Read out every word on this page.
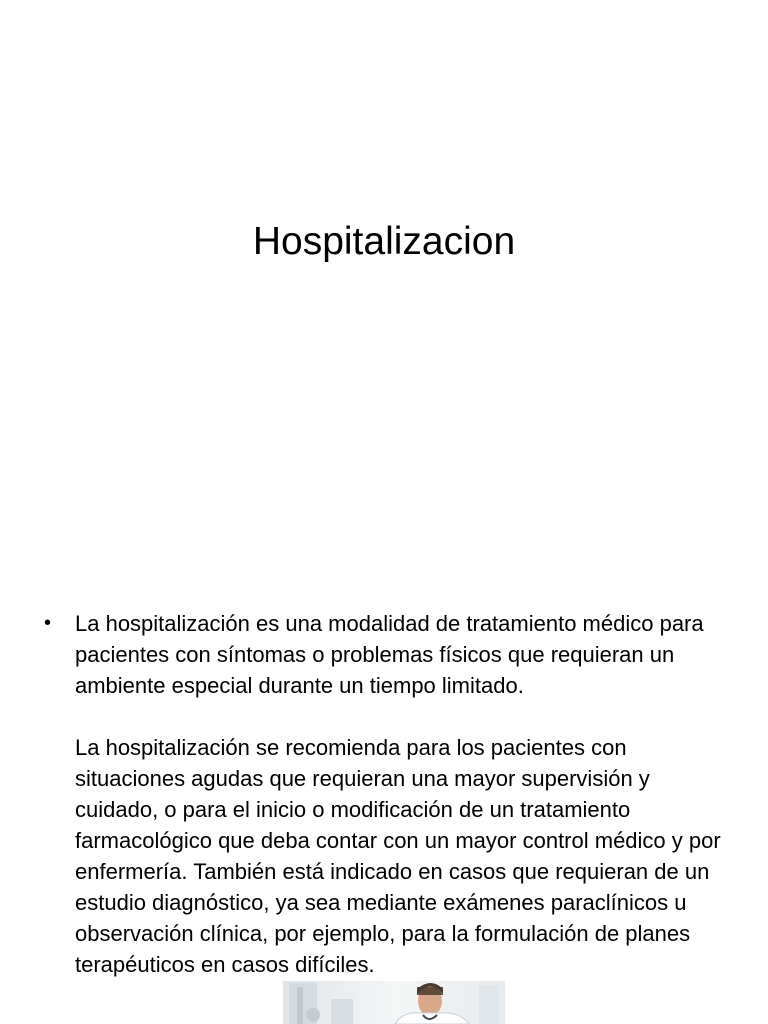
Hospitalizacion
•	La hospitalización es una modalidad de tratamiento médico para pacientes con síntomas o problemas físicos que requieran un ambiente especial durante un tiempo limitado.

La hospitalización se recomienda para los pacientes con situaciones agudas que requieran una mayor supervisión y cuidado, o para el inicio o modificación de un tratamiento farmacológico que deba contar con un mayor control médico y por enfermería. También está indicado en casos que requieran de un estudio diagnóstico, ya sea mediante exámenes paraclínicos u observación clínica, por ejemplo, para la formulación de planes terapéuticos en casos difíciles.
